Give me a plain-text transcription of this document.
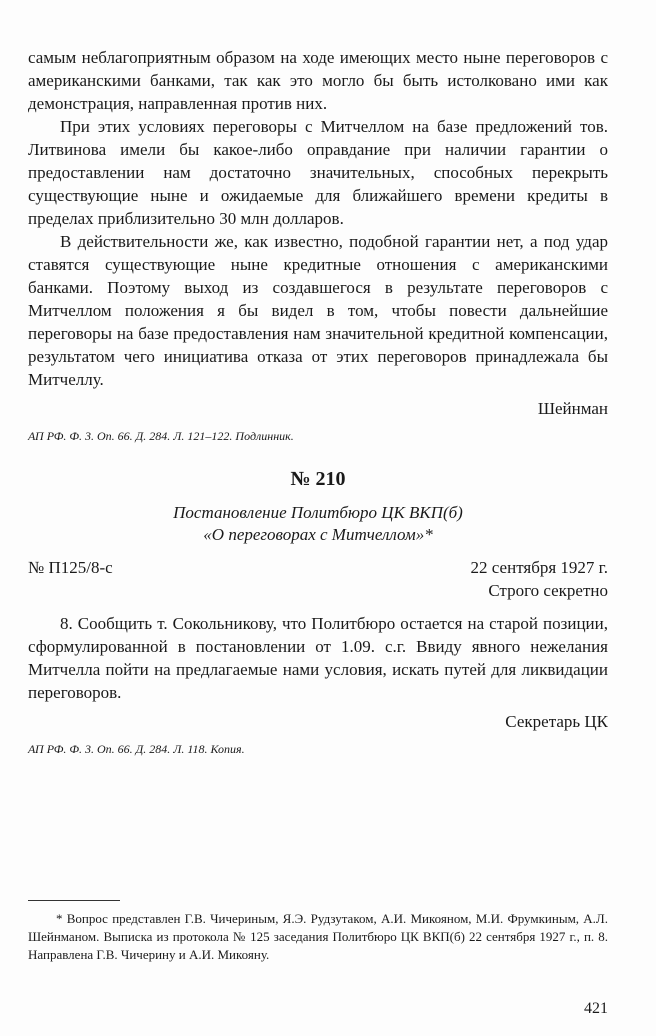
самым неблагоприятным образом на ходе имеющих место ныне переговоров с американскими банками, так как это могло бы быть истолковано ими как демонстрация, направленная против них.

При этих условиях переговоры с Митчеллом на базе предложений тов. Литвинова имели бы какое-либо оправдание при наличии гарантии о предоставлении нам достаточно значительных, способных перекрыть существующие ныне и ожидаемые для ближайшего времени кредиты в пределах приблизительно 30 млн долларов.

В действительности же, как известно, подобной гарантии нет, а под удар ставятся существующие ныне кредитные отношения с американскими банками. Поэтому выход из создавшегося в результате переговоров с Митчеллом положения я бы видел в том, чтобы повести дальнейшие переговоры на базе предоставления нам значительной кредитной компенсации, результатом чего инициатива отказа от этих переговоров принадлежала бы Митчеллу.

Шейнман

АП РФ. Ф. 3. Оп. 66. Д. 284. Л. 121–122. Подлинник.

№ 210
Постановление Политбюро ЦК ВКП(б)
«О переговорах с Митчеллом»*
№ П125/8-с	22 сентября 1927 г.
Строго секретно

8. Сообщить т. Сокольникову, что Политбюро остается на старой позиции, сформулированной в постановлении от 1.09. с.г. Ввиду явного нежелания Митчелла пойти на предлагаемые нами условия, искать путей для ликвидации переговоров.

Секретарь ЦК

АП РФ. Ф. 3. Оп. 66. Д. 284. Л. 118. Копия.

* Вопрос представлен Г.В. Чичериным, Я.Э. Рудзутаком, А.И. Микояном, М.И. Фрумкиным, А.Л. Шейнманом. Выписка из протокола № 125 заседания Политбюро ЦК ВКП(б) 22 сентября 1927 г., п. 8. Направлена Г.В. Чичерину и А.И. Микояну.

421
